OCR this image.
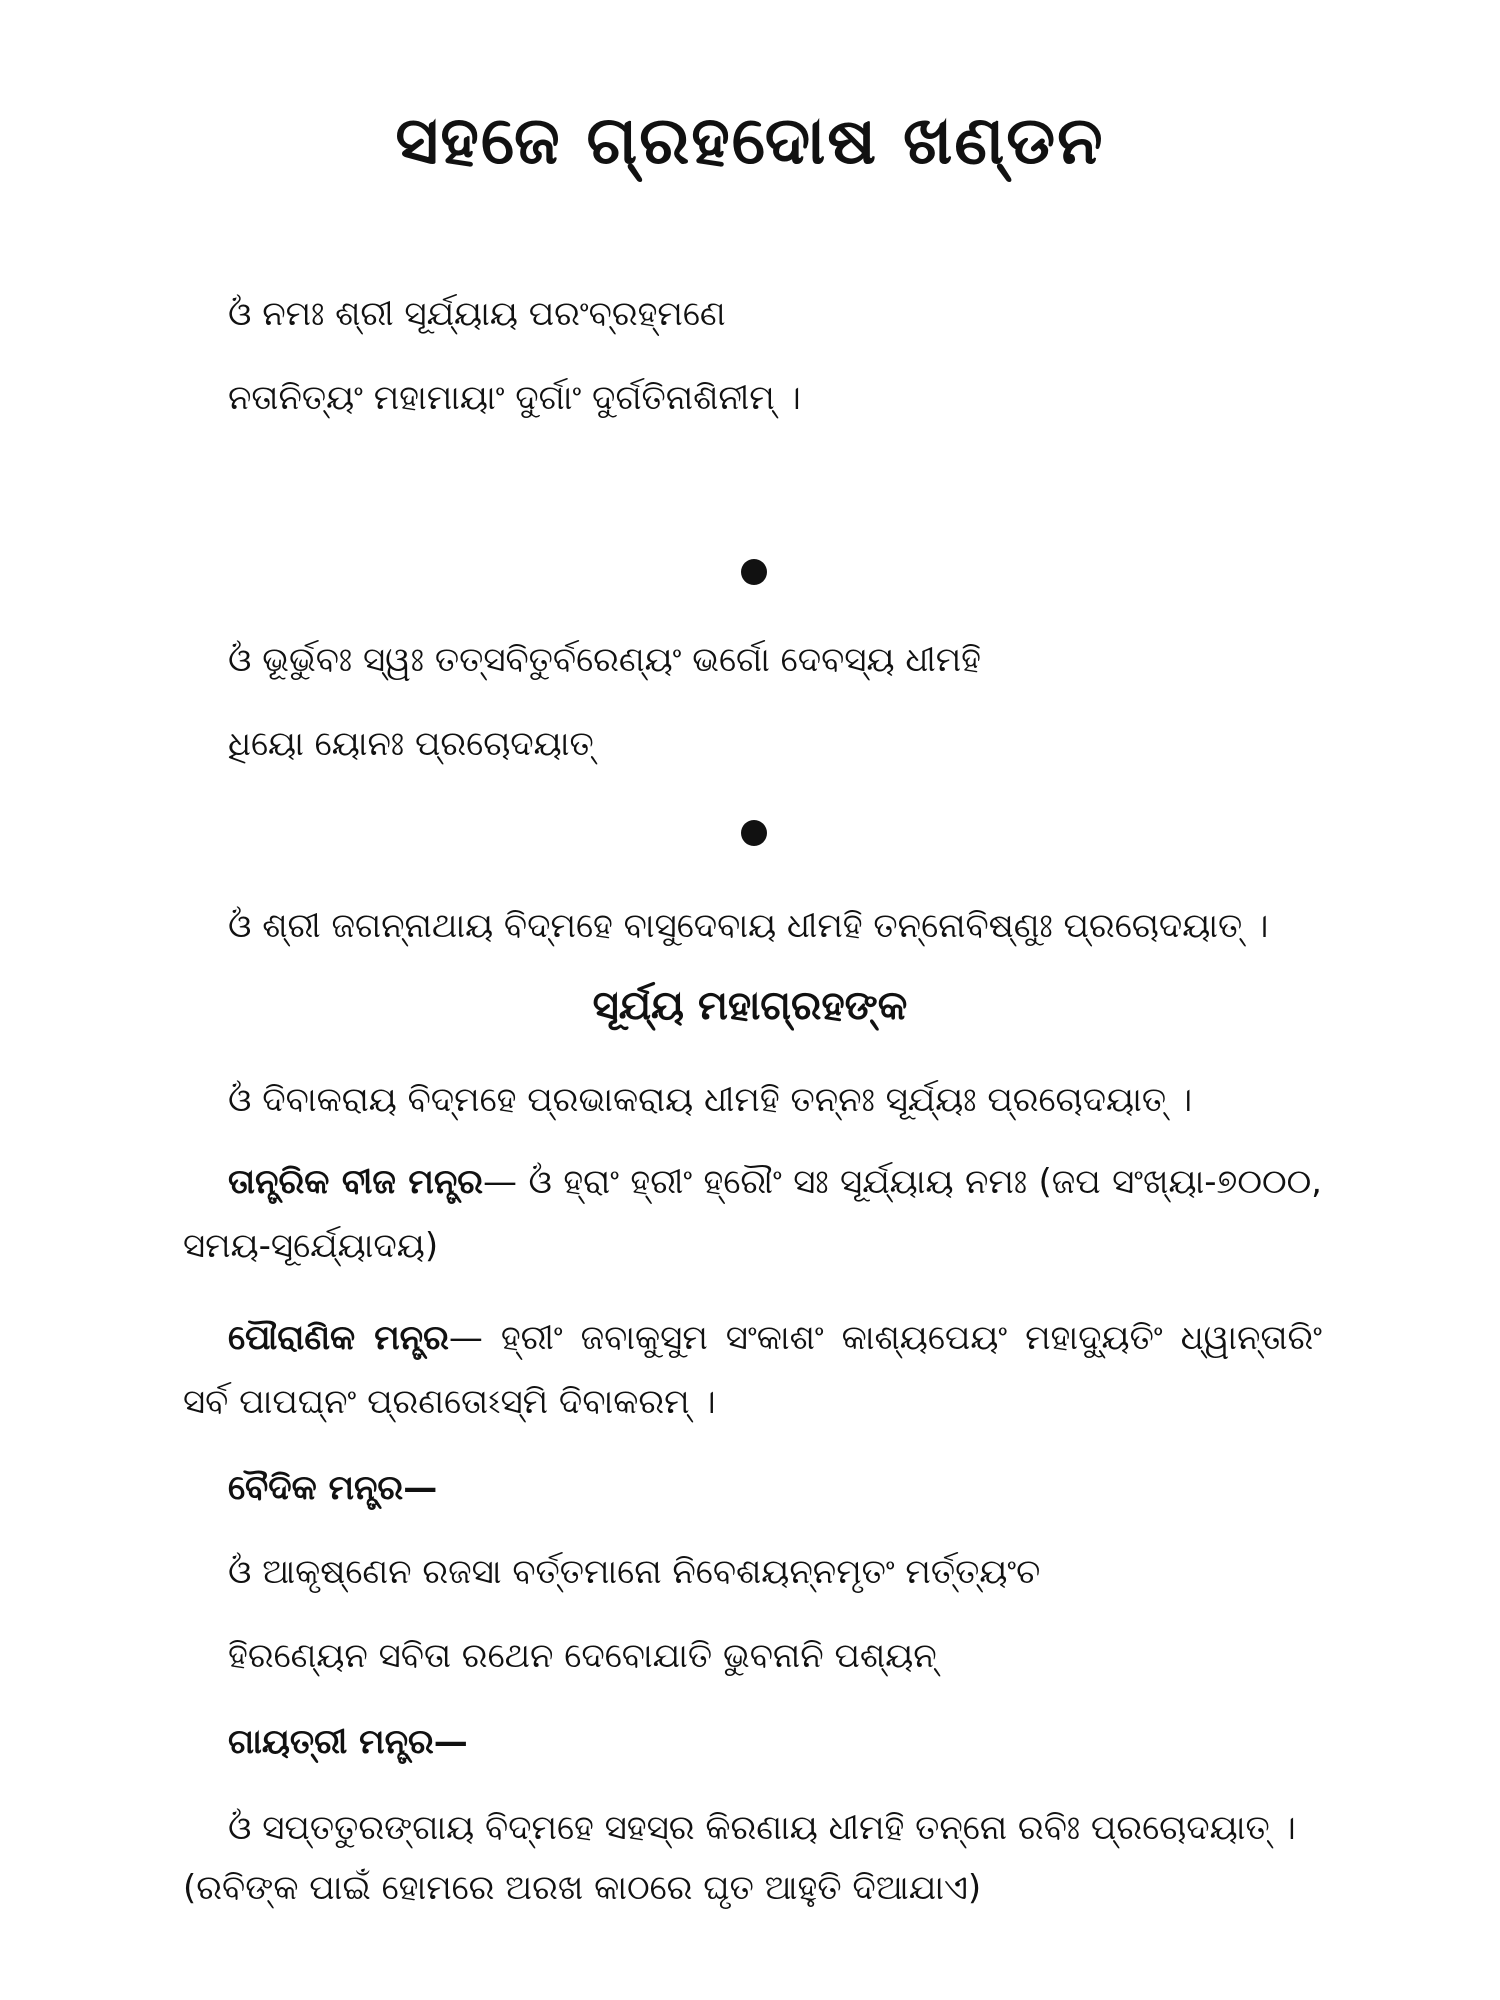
ସହଜେ ଗ୍ରହଦୋଷ ଖଣ୍ଡନ
ଓଁ ନମଃ ଶ୍ରୀ ସୂର୍ଯ୍ୟାୟ ପରଂବ୍ରହ୍ମଣେ
ନତାନିତ୍ୟଂ ମହାମାୟାଂ ଦୁର୍ଗାଂ ଦୁର୍ଗତିନାଶିନୀମ୍ ।
ଓଁ ଭୂର୍ଭୁବଃ ସ୍ୱଃ ତତ୍‌ସବିତୁର୍ବରେଣ୍ୟଂ ଭର୍ଗୋ ଦେବସ୍ୟ ଧୀମହି
ଧିୟୋ ୟୋନଃ ପ୍ରଚୋଦୟାତ୍
ଓଁ ଶ୍ରୀ ଜଗନ୍ନାଥାୟ ବିଦ୍ମହେ ବାସୁଦେବାୟ ଧୀମହି ତନ୍ନୋବିଷ୍ଣୁଃ ପ୍ରଚୋଦୟାତ୍ ।
ସୂର୍ଯ୍ୟ ମହାଗ୍ରହଙ୍କ
ଓଁ ଦିବାକରାୟ ବିଦ୍ମହେ ପ୍ରଭାକରାୟ ଧୀମହି ତନ୍ନଃ ସୂର୍ଯ୍ୟଃ ପ୍ରଚୋଦୟାତ୍ ।
ତାନ୍ତ୍ରିକ ବୀଜ ମନ୍ତ୍ର— ଓଁ ହ୍ରାଂ ହ୍ରୀଂ ହ୍ରୌଂ ସଃ ସୂର୍ଯ୍ୟାୟ ନମଃ (ଜପ ସଂଖ୍ୟା-୭୦୦୦, ସମୟ-ସୂର୍ଯ୍ୟୋଦୟ)
ପୌରାଣିକ ମନ୍ତ୍ର— ହ୍ରୀଂ ଜବାକୁସୁମ ସଂକାଶଂ କାଶ୍ୟପେୟଂ ମହାଦ୍ୟୁତିଂ ଧ୍ୱାନ୍ତାରିଂ ସର୍ବ ପାପଘ୍ନଂ ପ୍ରଣତୋଽସ୍ମି ଦିବାକରମ୍ ।
ବୈଦିକ ମନ୍ତ୍ର—
ଓଁ ଆକୃଷ୍ଣେନ ରଜସା ବର୍ତ୍ତମାନୋ ନିବେଶୟନ୍ନମୃତଂ ମର୍ତ୍ତ୍ୟଂଚ
ହିରଣ୍ୟେନ ସବିତା ରଥେନ ଦେବୋଯାତି ଭୁବନାନି ପଶ୍ୟନ୍
ଗାୟତ୍ରୀ ମନ୍ତ୍ର—
ଓଁ ସପ୍ତତୁରଙ୍ଗାୟ ବିଦ୍ମହେ ସହସ୍ର କିରଣାୟ ଧୀମହି ତନ୍ନୋ ରବିଃ ପ୍ରଚୋଦୟାତ୍ ।
(ରବିଙ୍କ ପାଇଁ ହୋମରେ ଅରଖ କାଠରେ ଘୃତ ଆହୁତି ଦିଆଯାଏ)
